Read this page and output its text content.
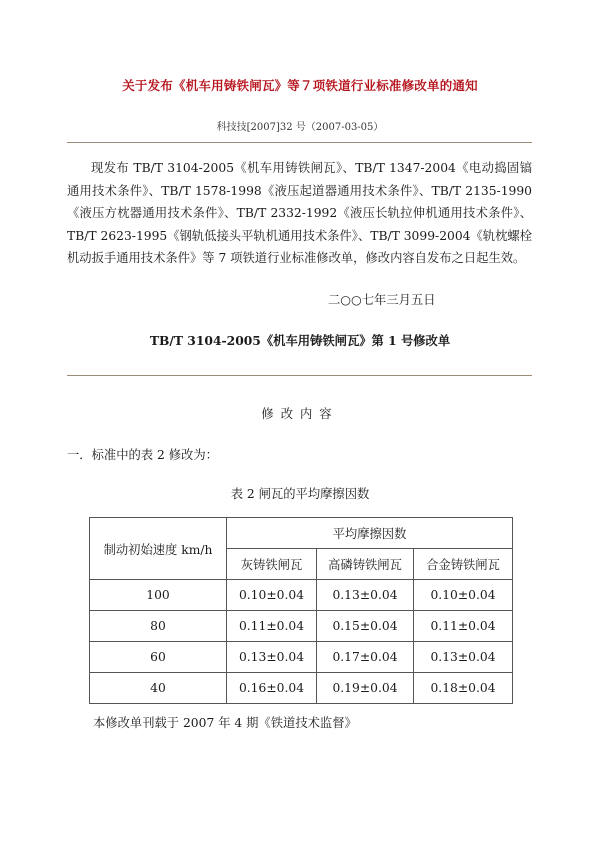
关于发布《机车用铸铁闸瓦》等７项铁道行业标准修改单的通知
科技技[2007]32 号（2007-03-05）

现发布 TB/T 3104-2005《机车用铸铁闸瓦》、TB/T 1347-2004《电动捣固镐通用技术条件》、TB/T 1578-1998《液压起道器通用技术条件》、TB/T 2135-1990《液压方枕器通用技术条件》、TB/T 2332-1992《液压长轨拉伸机通用技术条件》、TB/T 2623-1995《钢轨低接头平轨机通用技术条件》、TB/T 3099-2004《轨枕螺栓机动扳手通用技术条件》等 7 项铁道行业标准修改单，修改内容自发布之日起生效。

二○○七年三月五日
TB/T 3104-2005《机车用铸铁闸瓦》第 1 号修改单
修改内容
一．标准中的表 2 修改为：
表 2 闸瓦的平均摩擦因数
制动初始速度 km/h	平均摩擦因数		
	灰铸铁闸瓦	高磷铸铁闸瓦	合金铸铁闸瓦
100	0.10±0.04	0.13±0.04	0.10±0.04
80	0.11±0.04	0.15±0.04	0.11±0.04
60	0.13±0.04	0.17±0.04	0.13±0.04
40	0.16±0.04	0.19±0.04	0.18±0.04
本修改单刊载于 2007 年 4 期《铁道技术监督》
